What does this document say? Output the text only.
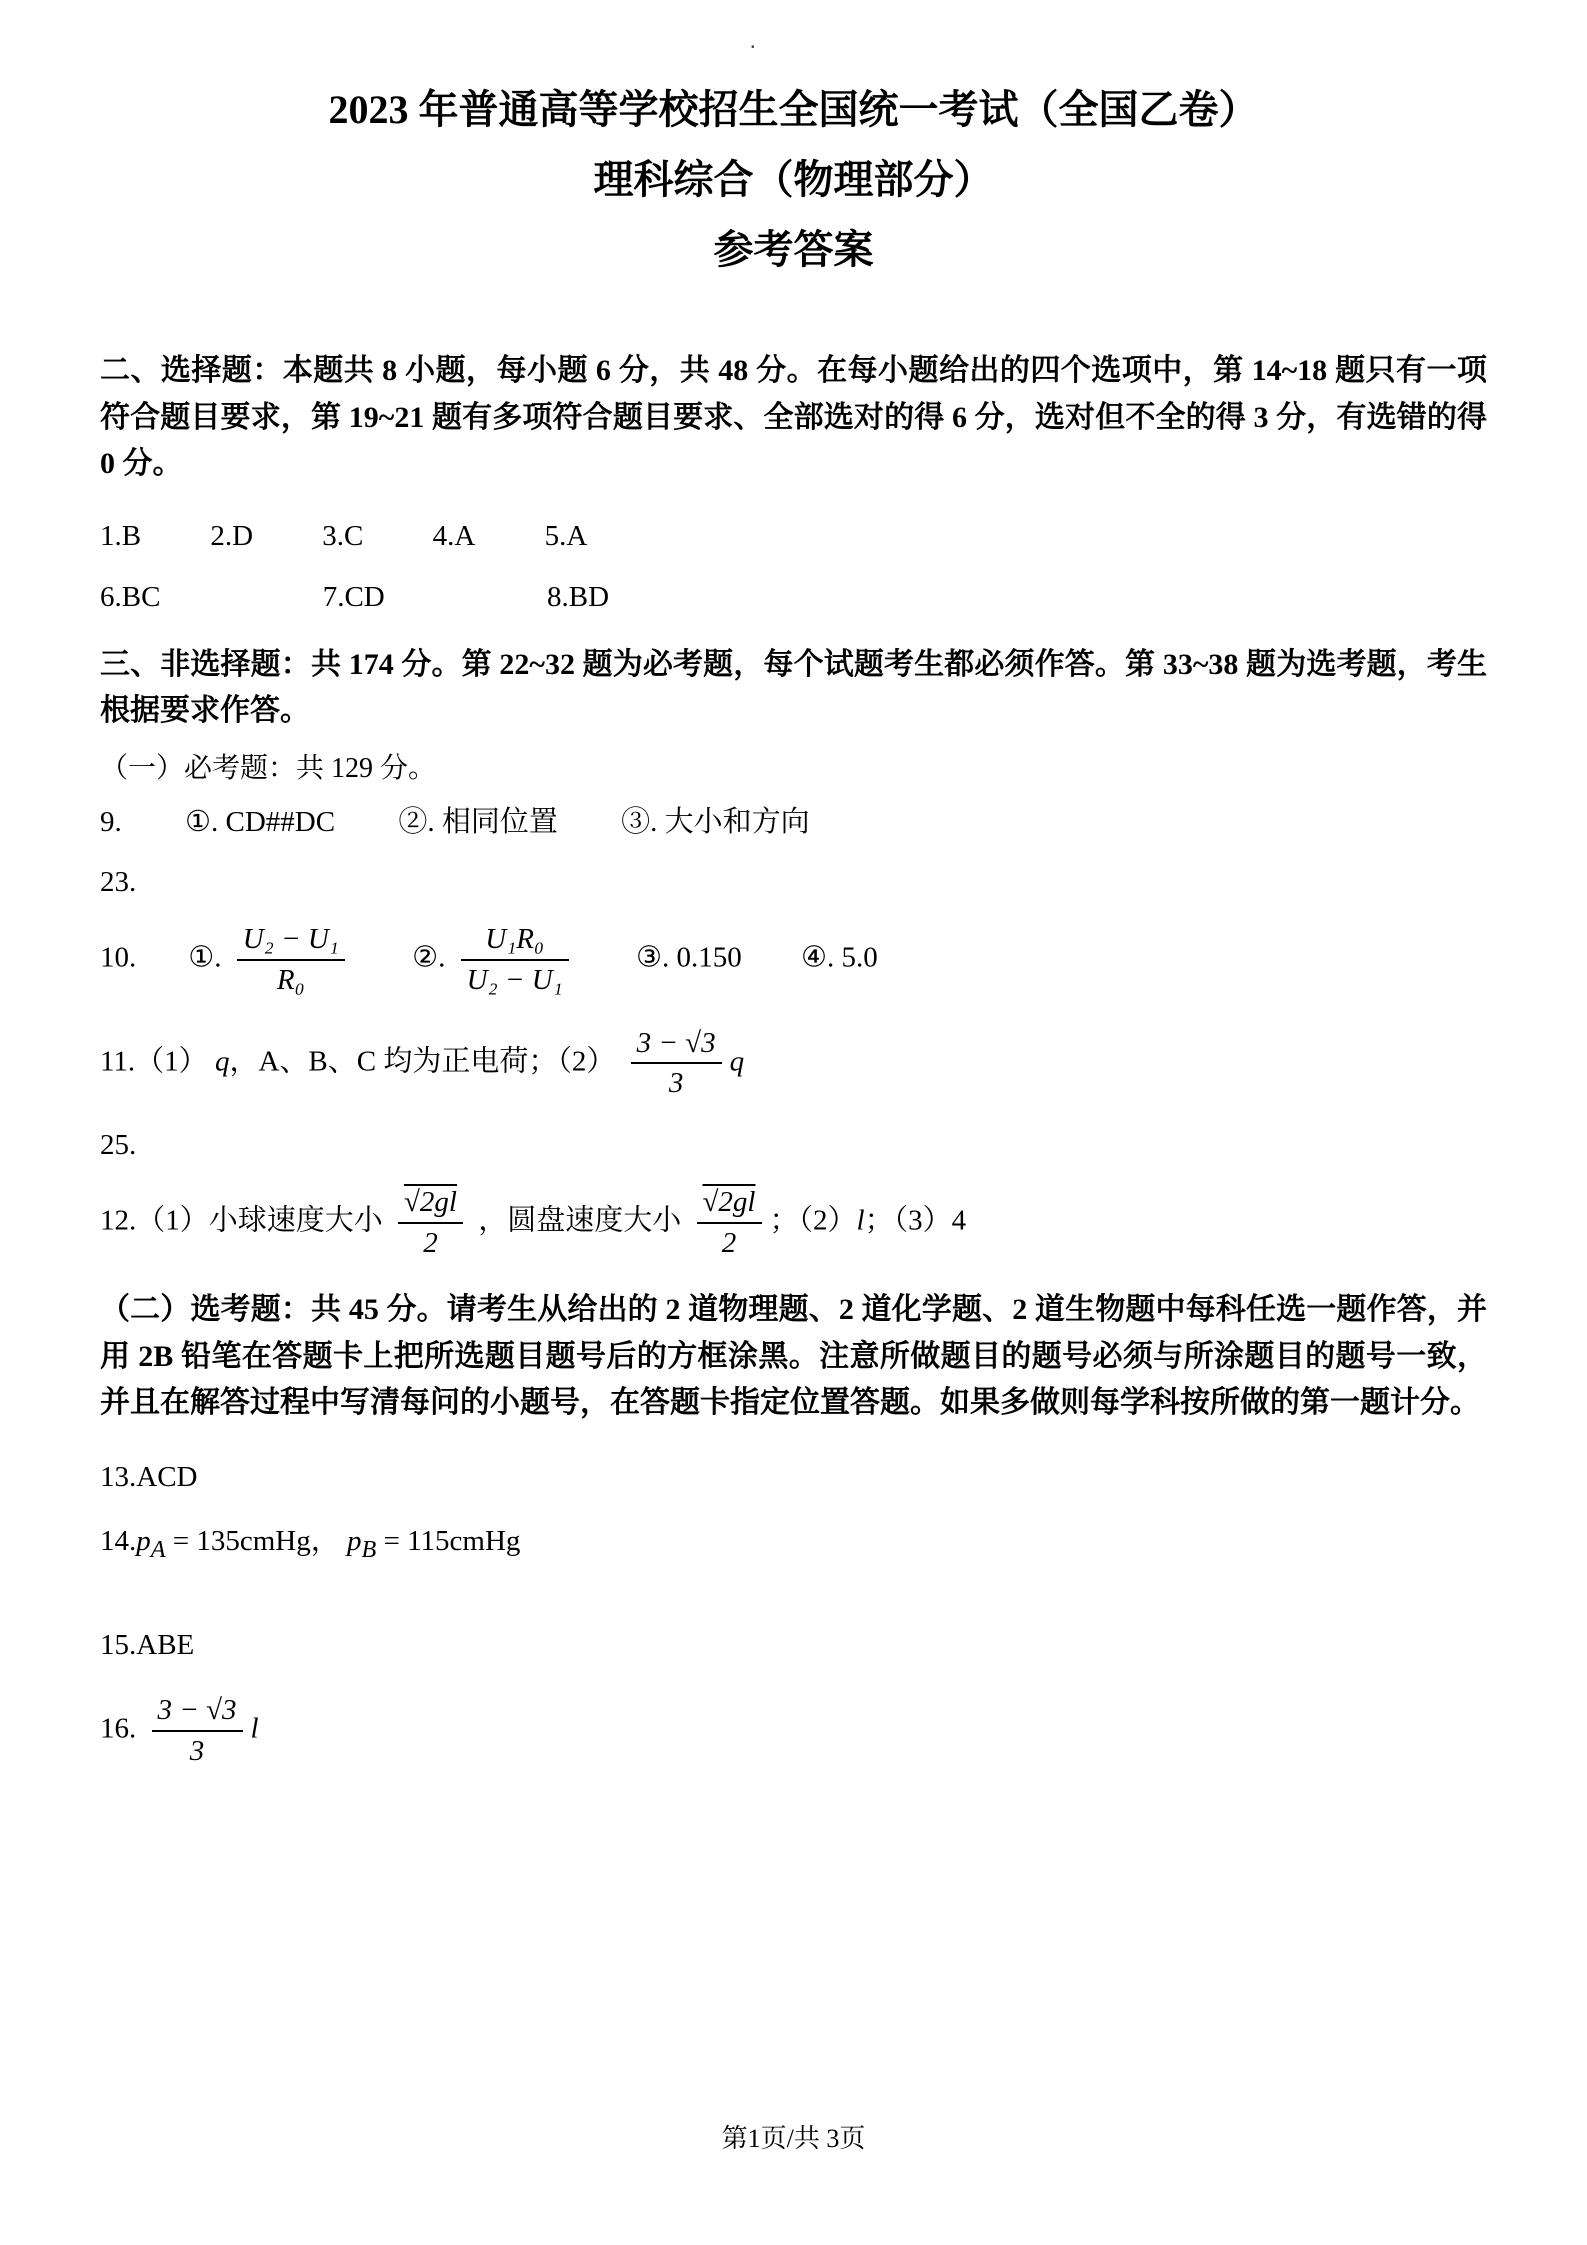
.
2023 年普通高等学校招生全国统一考试（全国乙卷）
理科综合（物理部分）
参考答案

二、选择题：本题共 8 小题，每小题 6 分，共 48 分。在每小题给出的四个选项中，第 14~18 题只有一项符合题目要求，第 19~21 题有多项符合题目要求、全部选对的得 6 分，选对但不全的得 3 分，有选错的得 0 分。

1.B 2.D 3.C 4.A 5.A

6.BC	7.CD	8.BD

三、非选择题：共 174 分。第 22~32 题为必考题，每个试题考生都必须作答。第 33~38 题为选考题，考生根据要求作答。

（一）必考题：共 129 分。

9. ①. CD##DC ②. 相同位置 ③. 大小和方向

23.

10. ①. $\frac{\text{U₂ − U₁}}{\text{R₀}}$ ②. $\frac{\text{U₁R₀}}{\text{U₂ − U₁}}$ ③. 0.150 ④. 5.0

11.（1） q，A、B、C 均为正电荷；$(2) \frac{3 - √3}{3}$ q

25.

12.（1）小球速度大小 $\frac{√2gl}{2}$ ，圆盘速度大小 $\frac{√2gl}{2}$ ；（2）l；（3）4

（二）选考题：共 45 分。请考生从给出的 2 道物理题、2 道化学题、2 道生物题中每科任选一题作答，并用 2B 铅笔在答题卡上把所选题目题号后的方框涂黑。注意所做题目的题号必须与所涂题目的题号一致，并且在解答过程中写清每问的小题号，在答题卡指定位置答题。如果多做则每学科按所做的第一题计分。

13.ACD

$14.p_A$ = 135cmHg， $p_B$ = 115cmHg

15.ABE

16. $\frac{3 - √3}{3}$ l

第1页/共 3页
